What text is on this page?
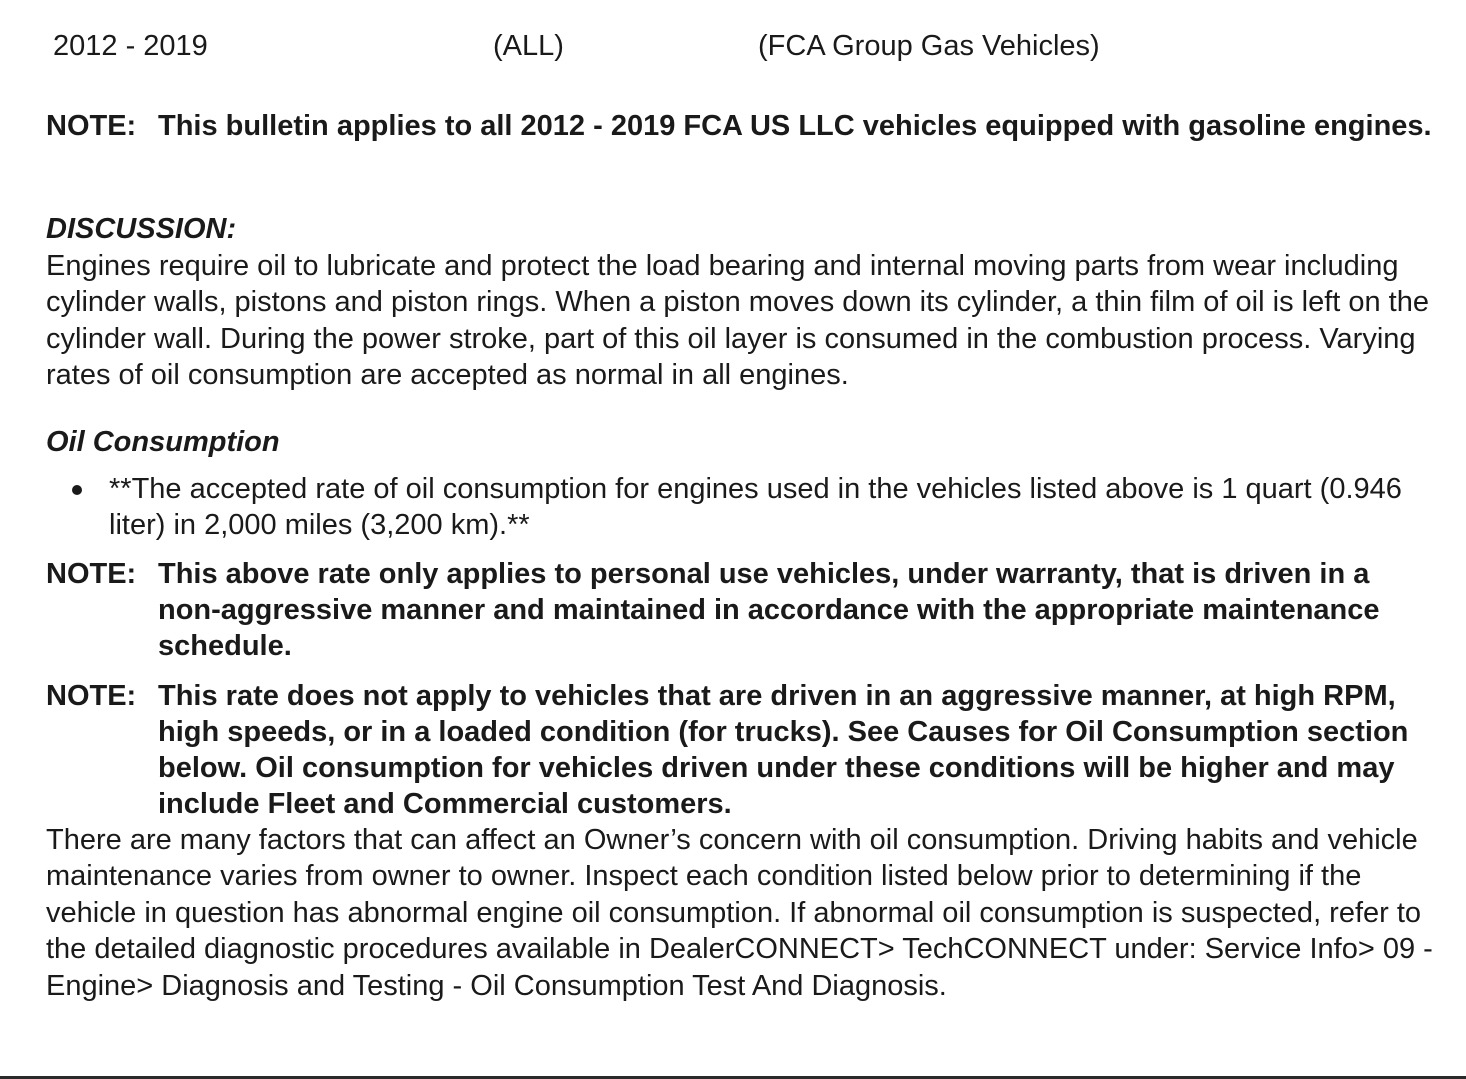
2012 - 2019	(ALL)	(FCA Group Gas Vehicles)
NOTE: This bulletin applies to all 2012 - 2019 FCA US LLC vehicles equipped with gasoline engines.
DISCUSSION:
Engines require oil to lubricate and protect the load bearing and internal moving parts from wear including cylinder walls, pistons and piston rings. When a piston moves down its cylinder, a thin film of oil is left on the cylinder wall. During the power stroke, part of this oil layer is consumed in the combustion process. Varying rates of oil consumption are accepted as normal in all engines.
Oil Consumption
**The accepted rate of oil consumption for engines used in the vehicles listed above is 1 quart (0.946 liter) in 2,000 miles (3,200 km).**
NOTE: This above rate only applies to personal use vehicles, under warranty, that is driven in a non-aggressive manner and maintained in accordance with the appropriate maintenance schedule.
NOTE: This rate does not apply to vehicles that are driven in an aggressive manner, at high RPM, high speeds, or in a loaded condition (for trucks). See Causes for Oil Consumption section below. Oil consumption for vehicles driven under these conditions will be higher and may include Fleet and Commercial customers.
There are many factors that can affect an Owner’s concern with oil consumption. Driving habits and vehicle maintenance varies from owner to owner. Inspect each condition listed below prior to determining if the vehicle in question has abnormal engine oil consumption. If abnormal oil consumption is suspected, refer to the detailed diagnostic procedures available in DealerCONNECT> TechCONNECT under: Service Info> 09 - Engine> Diagnosis and Testing - Oil Consumption Test And Diagnosis.
